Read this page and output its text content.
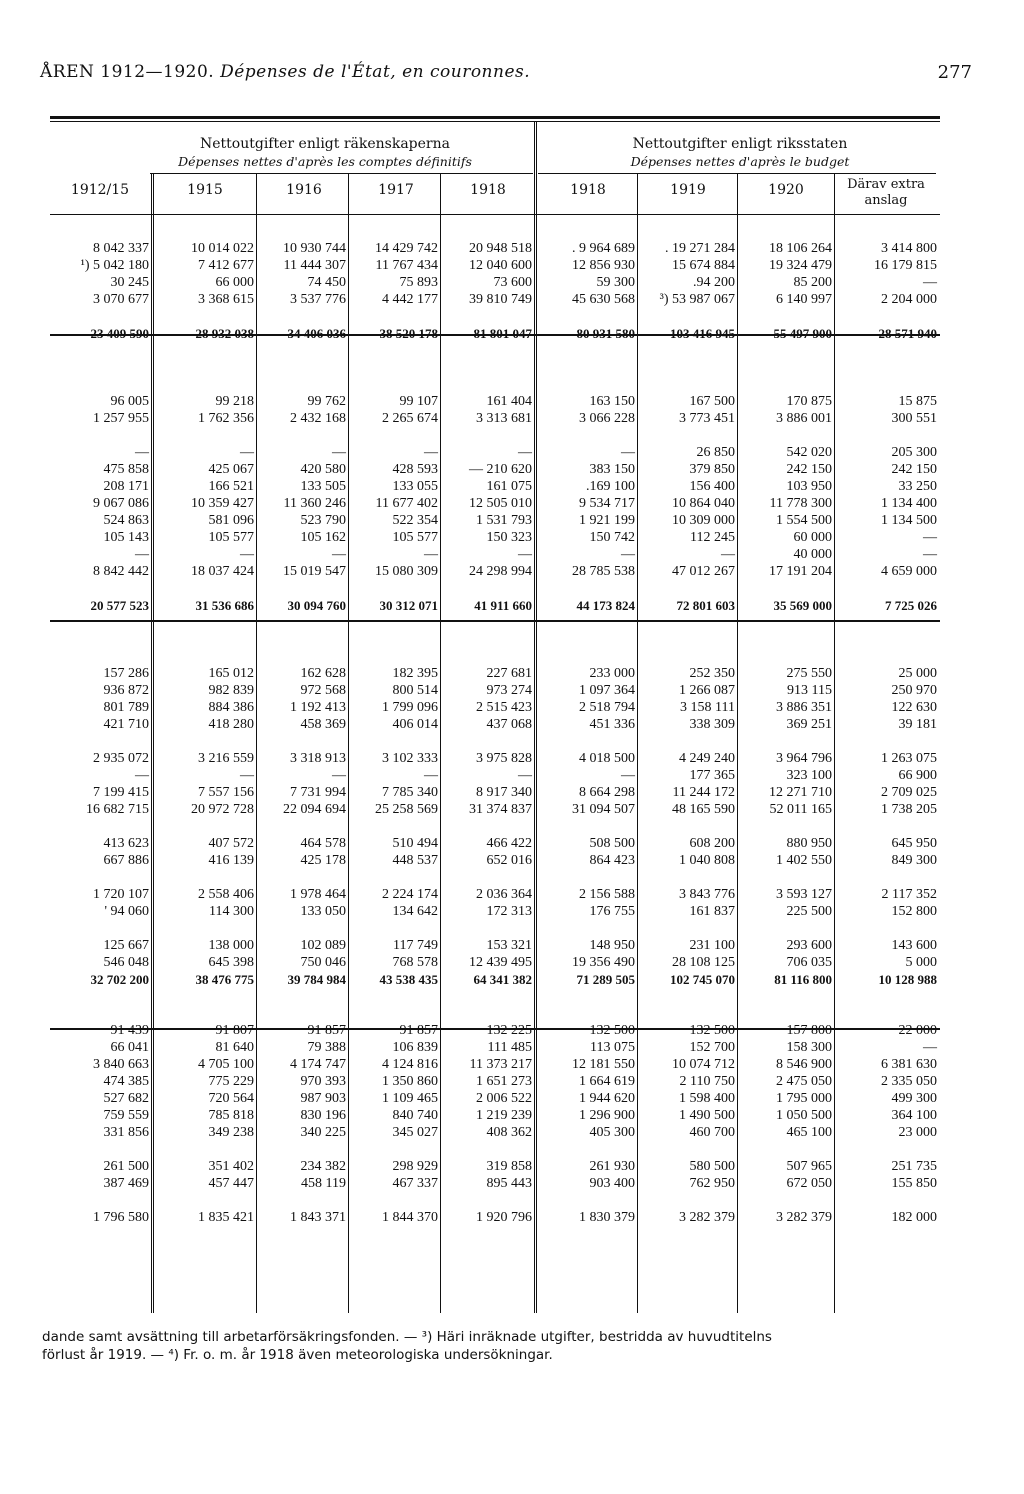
ÅREN 1912—1920. Dépenses de l'État, en couronnes.	277
Nettoutgifter enligt räkenskaperna
Dépenses nettes d'après les comptes définitifs
Nettoutgifter enligt riksstaten
Dépenses nettes d'après le budget
1912/15	1915	1916	1917	1918	1918	1919	1920	Därav extra anslag
8 042 337	10 014 022	10 930 744	14 429 742	20 948 518	. 9 964 689	. 19 271 284	18 106 264	3 414 800
¹) 5 042 180	7 412 677	11 444 307	11 767 434	12 040 600	12 856 930	15 674 884	19 324 479	16 179 815
30 245	66 000	74 450	75 893	73 600	59 300	.94 200	85 200	—
3 070 677	3 368 615	3 537 776	4 442 177	39 810 749	45 630 568	³) 53 987 067	6 140 997	2 204 000

23 409 590	28 932 038	34 406 036	38 520 178	81 801 047	80 931 580	103 416 945	55 497 900	28 571 940

96 005	99 218	99 762	99 107	161 404	163 150	167 500	170 875	15 875
1 257 955	1 762 356	2 432 168	2 265 674	3 313 681	3 066 228	3 773 451	3 886 001	300 551

—	—	—	—	—	—	26 850	542 020	205 300
475 858	425 067	420 580	428 593	— 210 620	383 150	379 850	242 150	242 150
208 171	166 521	133 505	133 055	161 075	.169 100	156 400	103 950	33 250
9 067 086	10 359 427	11 360 246	11 677 402	12 505 010	9 534 717	10 864 040	11 778 300	1 134 400
524 863	581 096	523 790	522 354	1 531 793	1 921 199	10 309 000	1 554 500	1 134 500
105 143	105 577	105 162	105 577	150 323	150 742	112 245	60 000	—
—	—	—	—	—	—	—	40 000	—
8 842 442	18 037 424	15 019 547	15 080 309	24 298 994	28 785 538	47 012 267	17 191 204	4 659 000

20 577 523	31 536 686	30 094 760	30 312 071	41 911 660	44 173 824	72 801 603	35 569 000	7 725 026

157 286	165 012	162 628	182 395	227 681	233 000	252 350	275 550	25 000
936 872	982 839	972 568	800 514	973 274	1 097 364	1 266 087	913 115	250 970
801 789	884 386	1 192 413	1 799 096	2 515 423	2 518 794	3 158 111	3 886 351	122 630
421 710	418 280	458 369	406 014	437 068	451 336	338 309	369 251	39 181

2 935 072	3 216 559	3 318 913	3 102 333	3 975 828	4 018 500	4 249 240	3 964 796	1 263 075
—	—	—	—	—	—	177 365	323 100	66 900
7 199 415	7 557 156	7 731 994	7 785 340	8 917 340	8 664 298	11 244 172	12 271 710	2 709 025
16 682 715	20 972 728	22 094 694	25 258 569	31 374 837	31 094 507	48 165 590	52 011 165	1 738 205

413 623	407 572	464 578	510 494	466 422	508 500	608 200	880 950	645 950
667 886	416 139	425 178	448 537	652 016	864 423	1 040 808	1 402 550	849 300

1 720 107	2 558 406	1 978 464	2 224 174	2 036 364	2 156 588	3 843 776	3 593 127	2 117 352
' 94 060	114 300	133 050	134 642	172 313	176 755	161 837	225 500	152 800

125 667	138 000	102 089	117 749	153 321	148 950	231 100	293 600	143 600
546 048	645 398	750 046	768 578	12 439 495	19 356 490	28 108 125	706 035	5 000
32 702 200	38 476 775	39 784 984	43 538 435	64 341 382	71 289 505	102 745 070	81 116 800	10 128 988

91 439	91 807	91 857	91 857	132 225	132 500	132 500	157 800	22 000
66 041	81 640	79 388	106 839	111 485	113 075	152 700	158 300	—
3 840 663	4 705 100	4 174 747	4 124 816	11 373 217	12 181 550	10 074 712	8 546 900	6 381 630
474 385	775 229	970 393	1 350 860	1 651 273	1 664 619	2 110 750	2 475 050	2 335 050
527 682	720 564	987 903	1 109 465	2 006 522	1 944 620	1 598 400	1 795 000	499 300
759 559	785 818	830 196	840 740	1 219 239	1 296 900	1 490 500	1 050 500	364 100
331 856	349 238	340 225	345 027	408 362	405 300	460 700	465 100	23 000

261 500	351 402	234 382	298 929	319 858	261 930	580 500	507 965	251 735
387 469	457 447	458 119	467 337	895 443	903 400	762 950	672 050	155 850

1 796 580	1 835 421	1 843 371	1 844 370	1 920 796	1 830 379	3 282 379	3 282 379	182 000
dande samt avsättning till arbetarförsäkringsfonden. — ³) Häri inräknade utgifter, bestridda av huvudtitelns
förlust år 1919. — ⁴) Fr. o. m. år 1918 även meteorologiska undersökningar.
